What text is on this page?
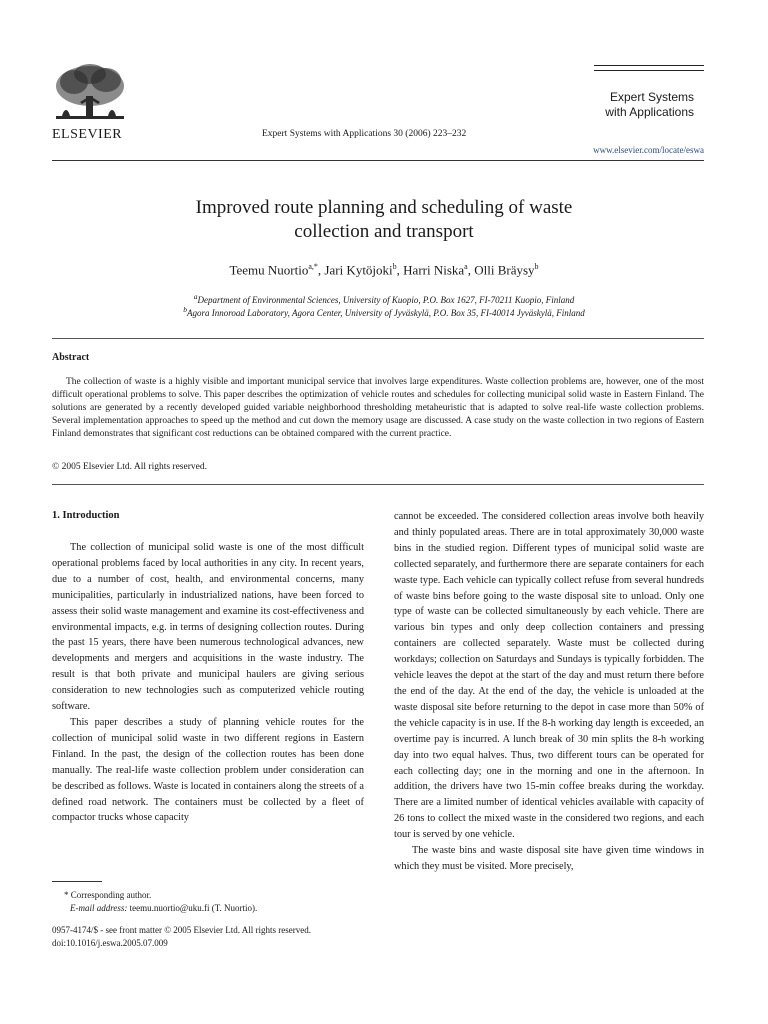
ELSEVIER	Expert Systems with Applications 30 (2006) 223–232
Expert Systems
with Applications
www.elsevier.com/locate/eswa
Improved route planning and scheduling of waste
collection and transport
Teemu Nuortio$^{a,*}$, Jari Kytöjoki$^b$, Harri Niska$^a$, Olli Bräysy$^b$
$^a$Department of Environmental Sciences, University of Kuopio, P.O. Box 1627, FI-70211 Kuopio, Finland
$^b$Agora Innoroad Laboratory, Agora Center, University of Jyväskylä, P.O. Box 35, FI-40014 Jyväskylä, Finland
Abstract
The collection of waste is a highly visible and important municipal service that involves large expenditures. Waste collection problems are, however, one of the most difficult operational problems to solve. This paper describes the optimization of vehicle routes and schedules for collecting municipal solid waste in Eastern Finland. The solutions are generated by a recently developed guided variable neighborhood thresholding metaheuristic that is adapted to solve real-life waste collection problems. Several implementation approaches to speed up the method and cut down the memory usage are discussed. A case study on the waste collection in two regions of Eastern Finland demonstrates that significant cost reductions can be obtained compared with the current practice.
© 2005 Elsevier Ltd. All rights reserved.
1. Introduction

The collection of municipal solid waste is one of the most difficult operational problems faced by local authorities in any city. In recent years, due to a number of cost, health, and environmental concerns, many municipalities, particularly in industrialized nations, have been forced to assess their solid waste management and examine its cost-effectiveness and environmental impacts, e.g. in terms of designing collection routes. During the past 15 years, there have been numerous technological advances, new developments and mergers and acquisitions in the waste industry. The result is that both private and municipal haulers are giving serious consideration to new technologies such as computerized vehicle routing software.

This paper describes a study of planning vehicle routes for the collection of municipal solid waste in two different regions in Eastern Finland. In the past, the design of the collection routes has been done manually. The real-life waste collection problem under consideration can be described as follows. Waste is located in containers along the streets of a defined road network. The containers must be collected by a fleet of compactor trucks whose capacity

cannot be exceeded. The considered collection areas involve both heavily and thinly populated areas. There are in total approximately 30,000 waste bins in the studied region. Different types of municipal solid waste are collected separately, and furthermore there are separate containers for each waste type. Each vehicle can typically collect refuse from several hundreds of waste bins before going to the waste disposal site to unload. Only one type of waste can be collected simultaneously by each vehicle. There are various bin types and only deep collection containers and pressing containers are collected separately. Waste must be collected during workdays; collection on Saturdays and Sundays is typically forbidden. The vehicle leaves the depot at the start of the day and must return there before the end of the day. At the end of the day, the vehicle is unloaded at the waste disposal site before returning to the depot in case more than 50% of the vehicle capacity is in use. If the 8-h working day length is exceeded, an overtime pay is incurred. A lunch break of 30 min splits the 8-h working day into two equal halves. Thus, two different tours can be operated for each collecting day; one in the morning and one in the afternoon. In addition, the drivers have two 15-min coffee breaks during the workday. There are a limited number of identical vehicles available with capacity of 26 tons to collect the mixed waste in the considered two regions, and each tour is served by one vehicle.

The waste bins and waste disposal site have given time windows in which they must be visited. More precisely,

* Corresponding author.
E-mail address: teemu.nuortio@uku.fi (T. Nuortio).
0957-4174/$ - see front matter © 2005 Elsevier Ltd. All rights reserved.
doi:10.1016/j.eswa.2005.07.009
